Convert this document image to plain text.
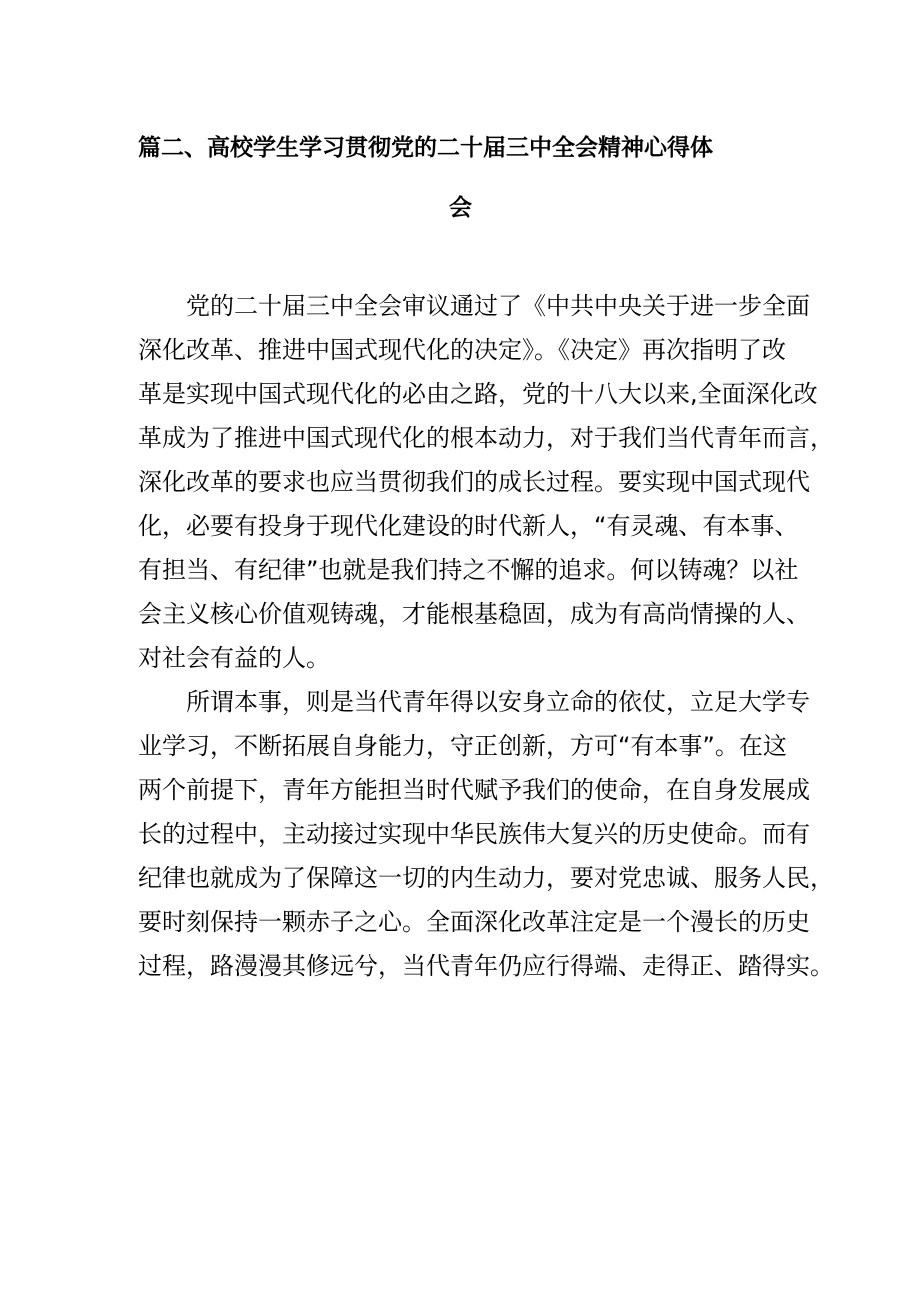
篇二、高校学生学习贯彻党的二十届三中全会精神心得体
会
党的二十届三中全会审议通过了《中共中央关于进一步全面
深化改革、推进中国式现代化的决定》。《决定》再次指明了改
革是实现中国式现代化的必由之路，党的十八大以来,全面深化改
革成为了推进中国式现代化的根本动力，对于我们当代青年而言，
深化改革的要求也应当贯彻我们的成长过程。要实现中国式现代
化，必要有投身于现代化建设的时代新人，“有灵魂、有本事、
有担当、有纪律”也就是我们持之不懈的追求。何以铸魂？以社
会主义核心价值观铸魂，才能根基稳固，成为有高尚情操的人、
对社会有益的人。
所谓本事，则是当代青年得以安身立命的依仗，立足大学专
业学习，不断拓展自身能力，守正创新，方可“有本事”。在这
两个前提下，青年方能担当时代赋予我们的使命，在自身发展成
长的过程中，主动接过实现中华民族伟大复兴的历史使命。而有
纪律也就成为了保障这一切的内生动力，要对党忠诚、服务人民，
要时刻保持一颗赤子之心。全面深化改革注定是一个漫长的历史
过程，路漫漫其修远兮，当代青年仍应行得端、走得正、踏得实。
